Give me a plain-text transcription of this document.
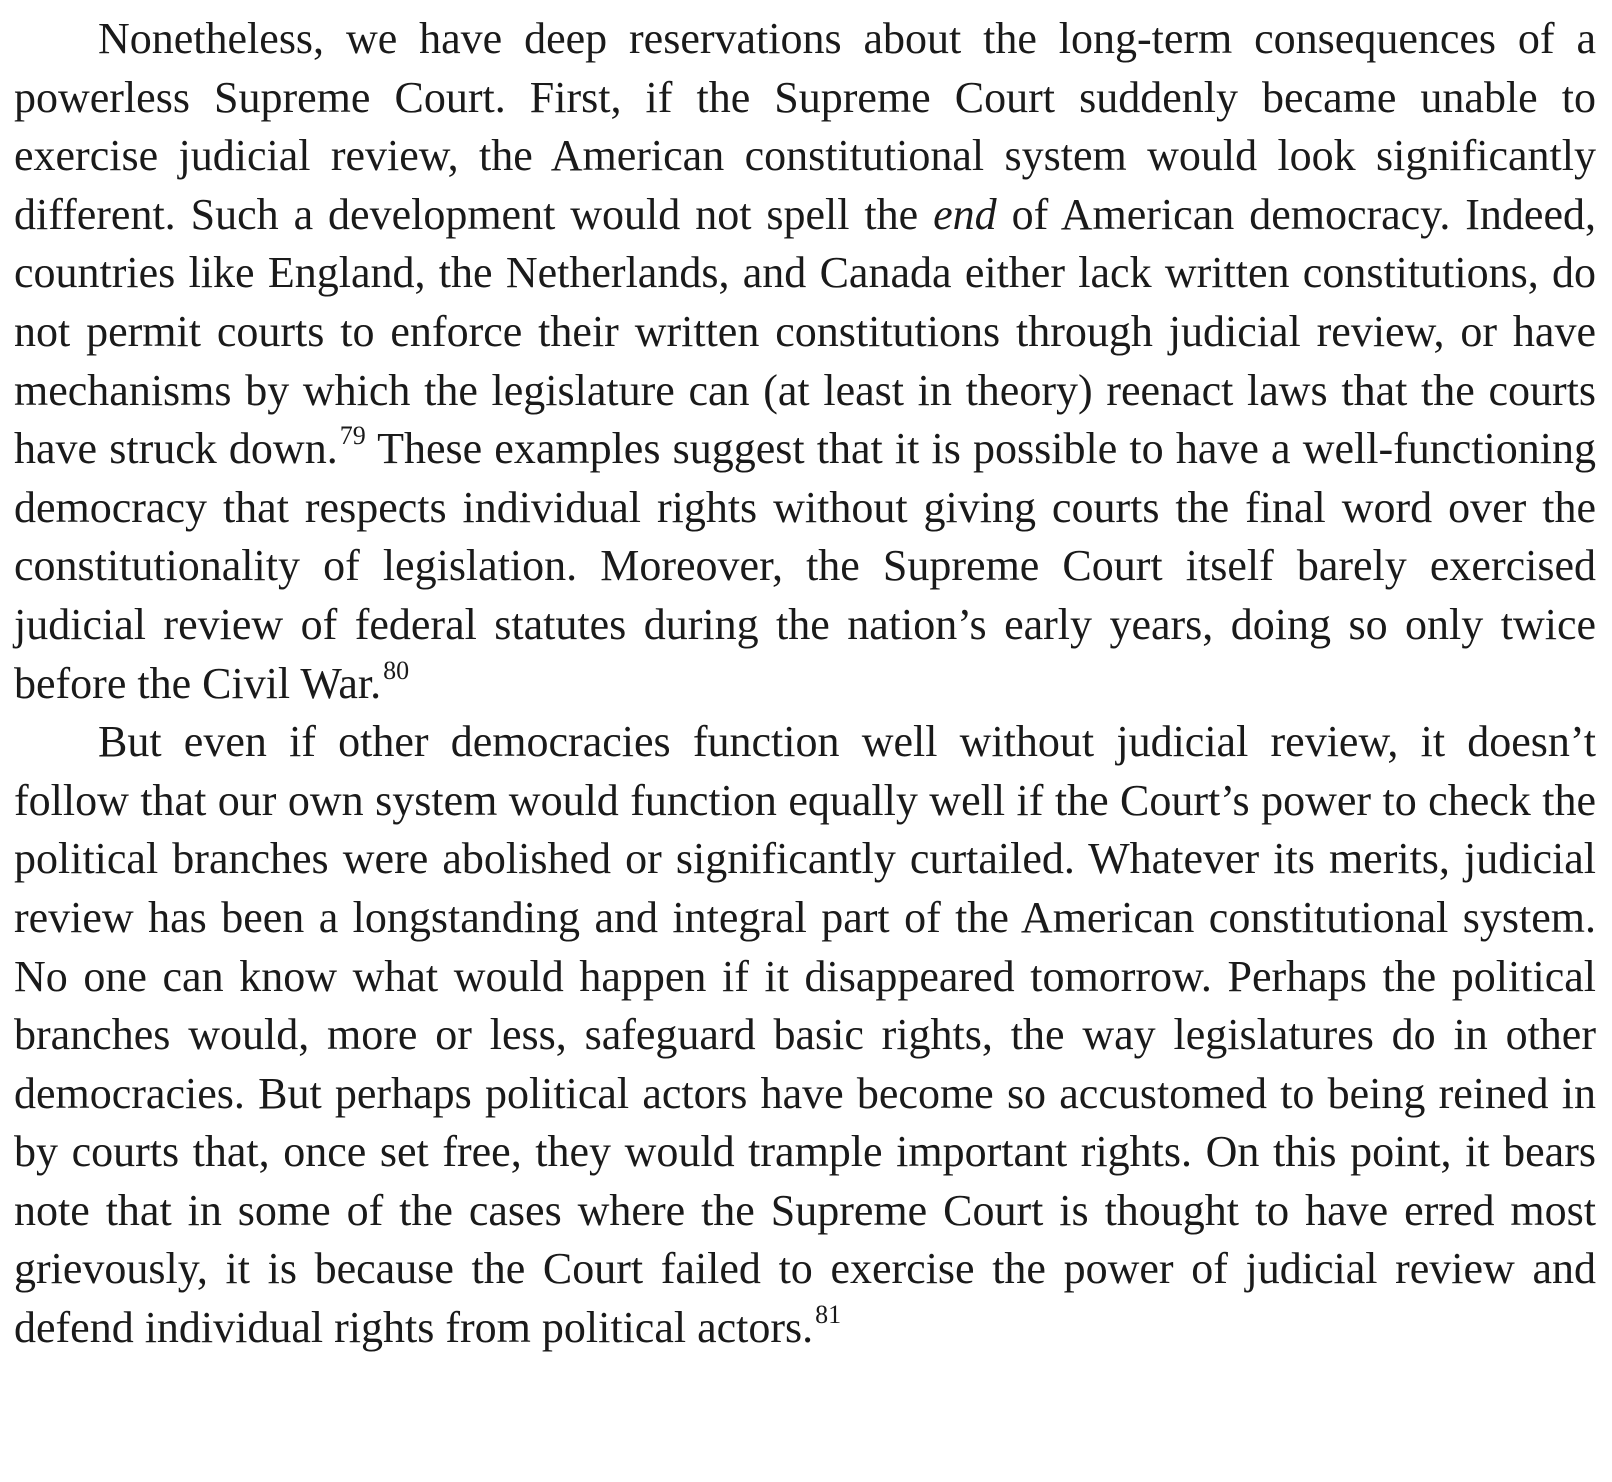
Nonetheless, we have deep reservations about the long-term consequences of a powerless Supreme Court. First, if the Supreme Court suddenly became unable to exercise judicial review, the American constitutional system would look significantly different. Such a development would not spell the end of American democracy. Indeed, countries like England, the Netherlands, and Canada either lack written constitutions, do not permit courts to enforce their written constitutions through judicial review, or have mechanisms by which the legislature can (at least in theory) reenact laws that the courts have struck down.$^{79}$ These examples suggest that it is possible to have a well-functioning democracy that respects individual rights without giving courts the final word over the constitutionality of legislation. Moreover, the Supreme Court itself barely exercised judicial review of federal statutes during the nation’s early years, doing so only twice before the Civil War.$^{80}$

But even if other democracies function well without judicial review, it doesn’t follow that our own system would function equally well if the Court’s power to check the political branches were abolished or significantly curtailed. Whatever its merits, judicial review has been a longstanding and integral part of the American constitutional system. No one can know what would happen if it disappeared tomorrow. Perhaps the political branches would, more or less, safeguard basic rights, the way legislatures do in other democracies. But perhaps political actors have become so accustomed to being reined in by courts that, once set free, they would trample important rights. On this point, it bears note that in some of the cases where the Supreme Court is thought to have erred most grievously, it is because the Court failed to exercise the power of judicial review and defend individual rights from political actors.$^{81}$
